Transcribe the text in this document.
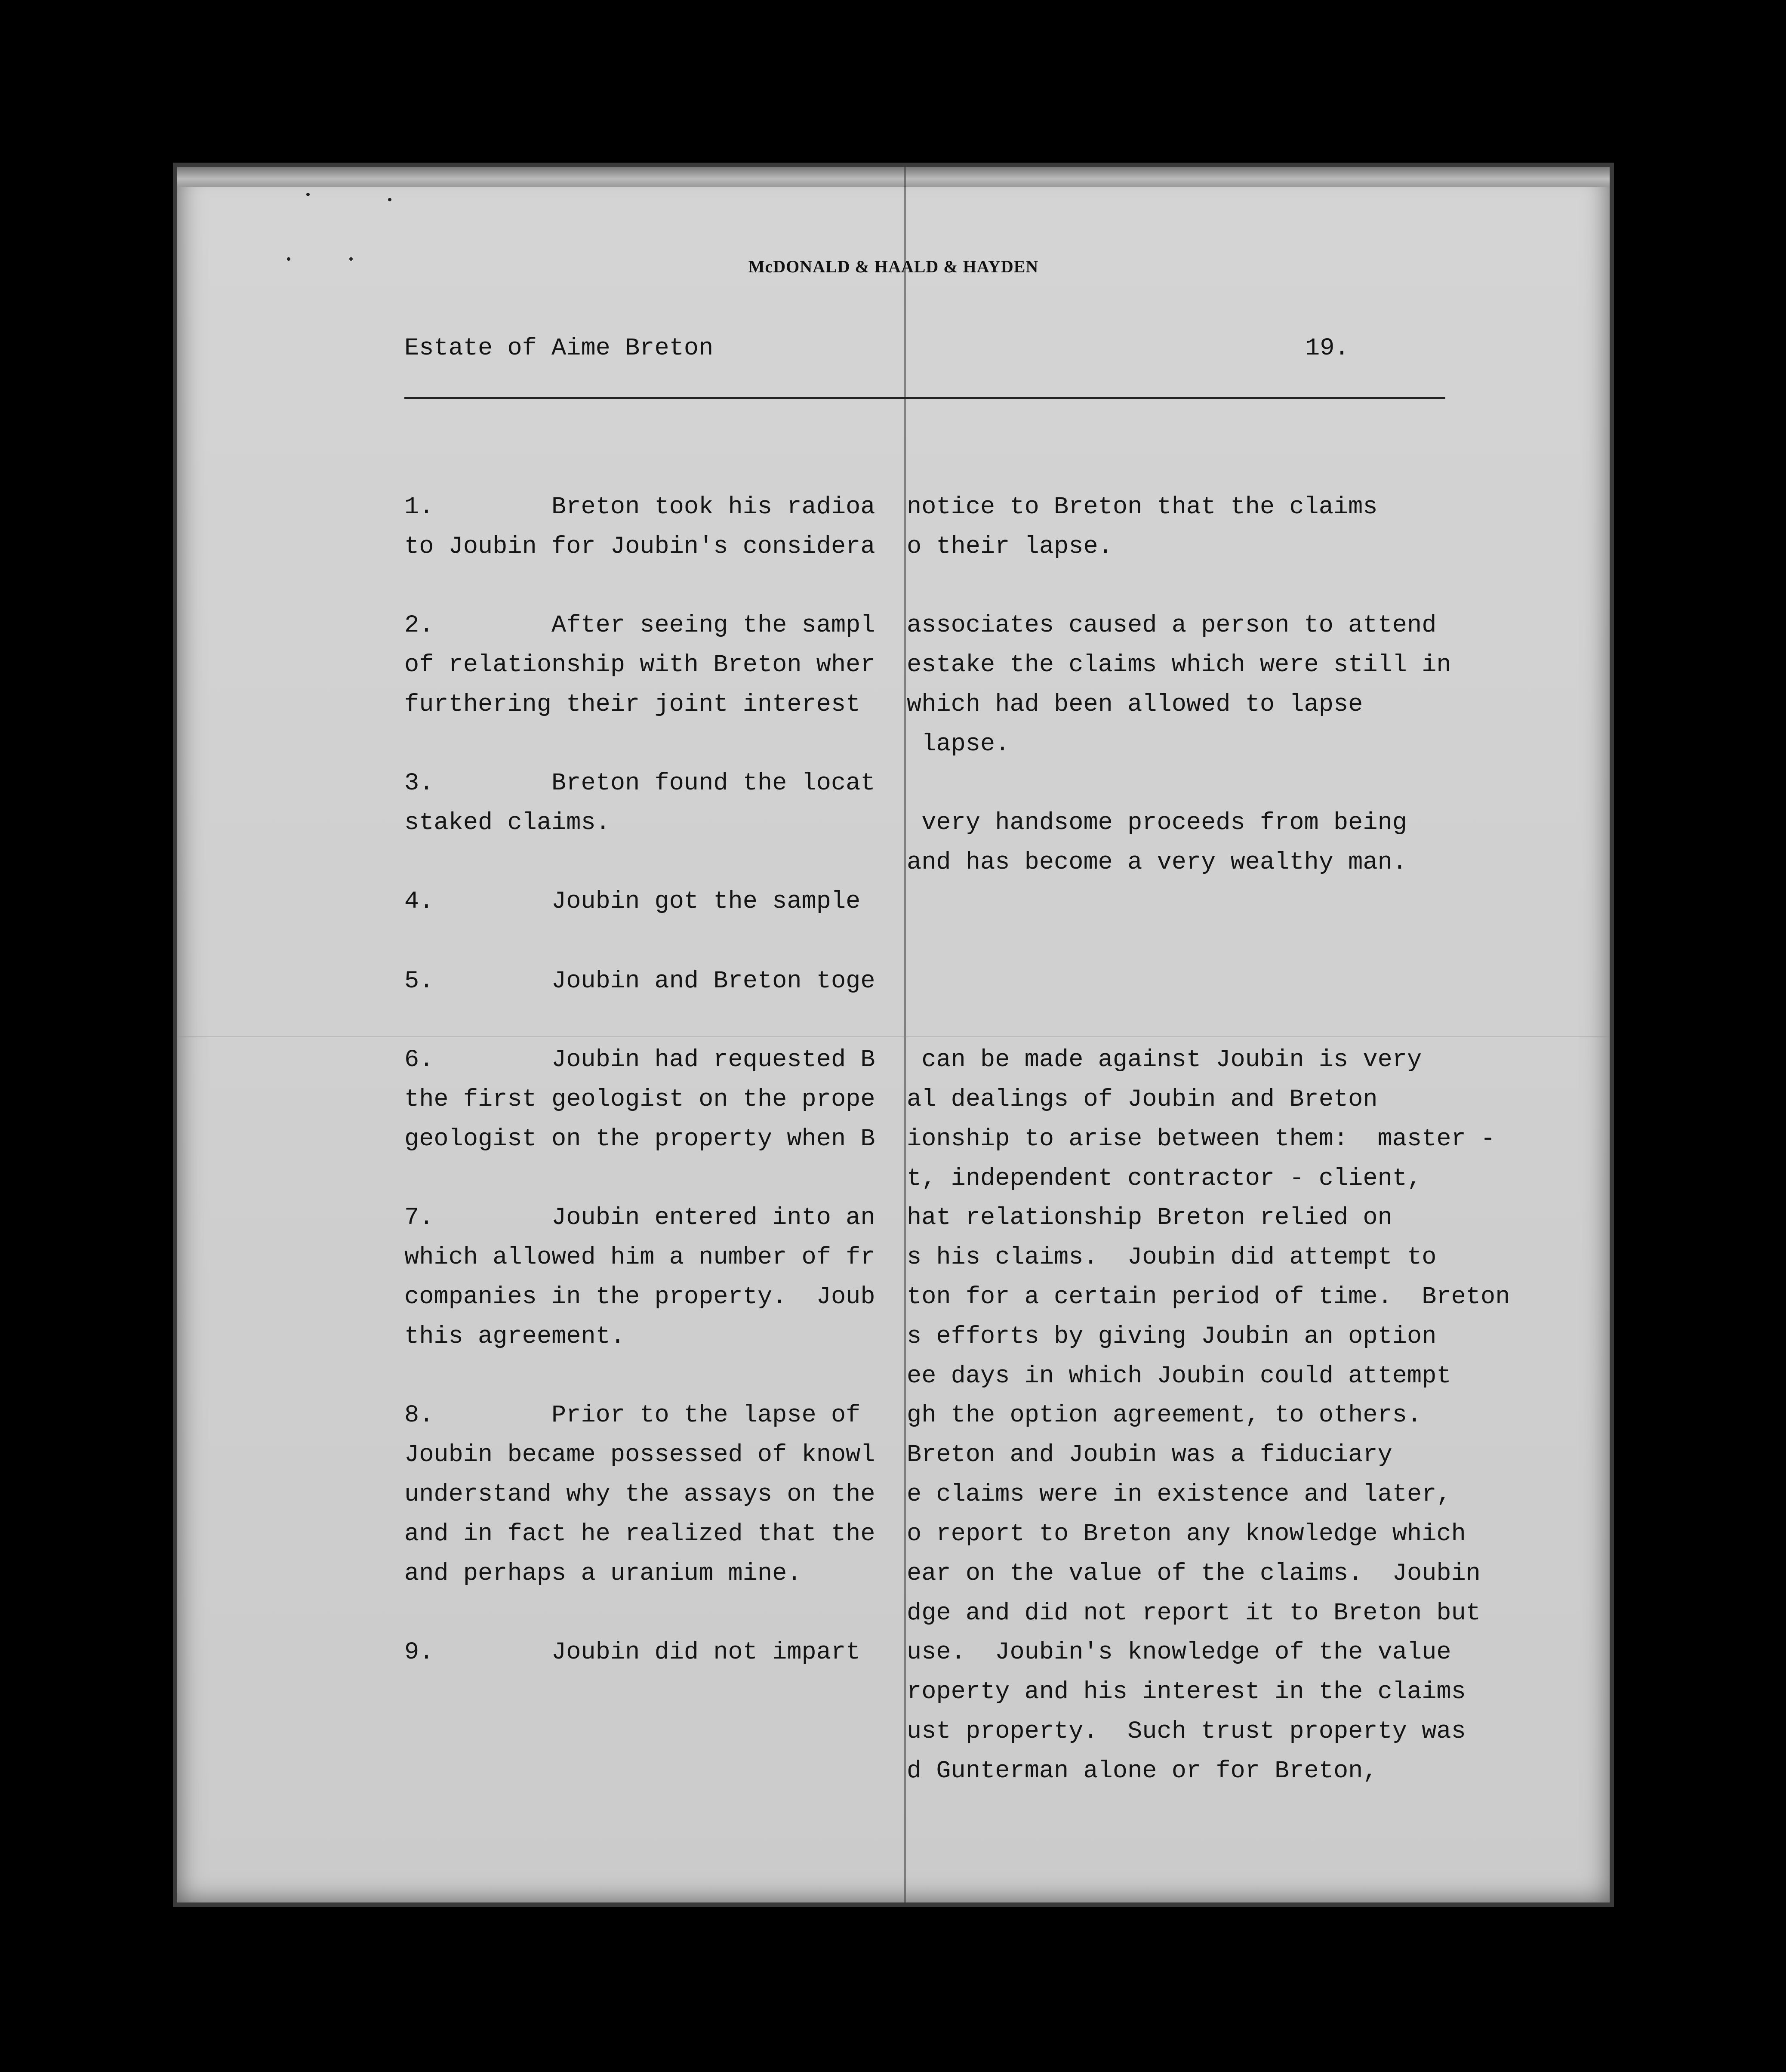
McDONALD & HAALD & HAYDEN
Estate of Aime Breton	19.
1.        Breton took his radioa
to Joubin for Joubin's considera
2.        After seeing the sampl
of relationship with Breton wher
furthering their joint interest
3.        Breton found the locat
staked claims.
4.        Joubin got the sample
5.        Joubin and Breton toge
6.        Joubin had requested B
the first geologist on the prope
geologist on the property when B
7.        Joubin entered into an
which allowed him a number of fr
companies in the property.  Joub
this agreement.
8.        Prior to the lapse of
Joubin became possessed of knowl
understand why the assays on the
and in fact he realized that the
and perhaps a uranium mine.
9.        Joubin did not impart
notice to Breton that the claims
o their lapse.
associates caused a person to attend
estake the claims which were still in
which had been allowed to lapse
lapse.
very handsome proceeds from being
and has become a very wealthy man.
can be made against Joubin is very
al dealings of Joubin and Breton
ionship to arise between them:  master -
t, independent contractor - client,
hat relationship Breton relied on
s his claims.  Joubin did attempt to
ton for a certain period of time.  Breton
s efforts by giving Joubin an option
ee days in which Joubin could attempt
gh the option agreement, to others.
Breton and Joubin was a fiduciary
e claims were in existence and later,
o report to Breton any knowledge which
ear on the value of the claims.  Joubin
dge and did not report it to Breton but
use.  Joubin's knowledge of the value
roperty and his interest in the claims
ust property.  Such trust property was
d Gunterman alone or for Breton,
